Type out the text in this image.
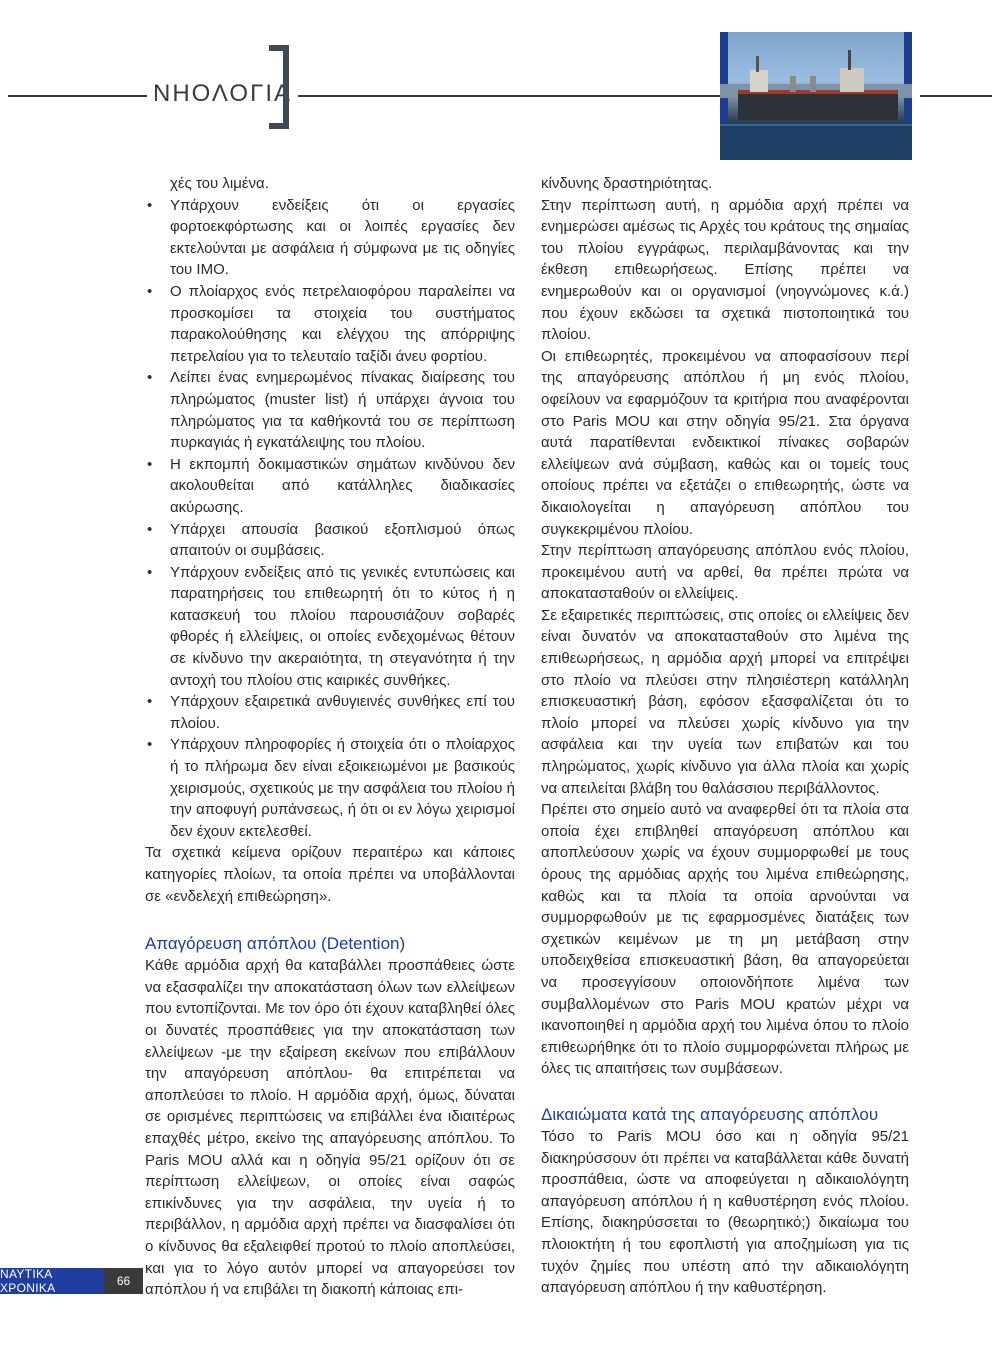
ΝΗΟΛΟΓΙΑ

χές του λιμένα.

• Υπάρχουν ενδείξεις ότι οι εργασίες φορτοεκφόρτωσης και οι λοιπές εργασίες δεν εκτελούνται με ασφάλεια ή σύμφωνα με τις οδηγίες του ΙΜΟ.
• Ο πλοίαρχος ενός πετρελαιοφόρου παραλείπει να προσκομίσει τα στοιχεία του συστήματος παρακολούθησης και ελέγχου της απόρριψης πετρελαίου για το τελευταίο ταξίδι άνευ φορτίου.
• Λείπει ένας ενημερωμένος πίνακας διαίρεσης του πληρώματος (muster list) ή υπάρχει άγνοια του πληρώματος για τα καθήκοντά του σε περίπτωση πυρκαγιάς ή εγκατάλειψης του πλοίου.
• Η εκπομπή δοκιμαστικών σημάτων κινδύνου δεν ακολουθείται από κατάλληλες διαδικασίες ακύρωσης.
• Υπάρχει απουσία βασικού εξοπλισμού όπως απαιτούν οι συμβάσεις.
• Υπάρχουν ενδείξεις από τις γενικές εντυπώσεις και παρατηρήσεις του επιθεωρητή ότι το κύτος ή η κατασκευή του πλοίου παρουσιάζουν σοβαρές φθορές ή ελλείψεις, οι οποίες ενδεχομένως θέτουν σε κίνδυνο την ακεραιότητα, τη στεγανότητα ή την αντοχή του πλοίου στις καιρικές συνθήκες.
• Υπάρχουν εξαιρετικά ανθυγιεινές συνθήκες επί του πλοίου.
• Υπάρχουν πληροφορίες ή στοιχεία ότι ο πλοίαρχος ή το πλήρωμα δεν είναι εξοικειωμένοι με βασικούς χειρισμούς, σχετικούς με την ασφάλεια του πλοίου ή την αποφυγή ρυπάνσεως, ή ότι οι εν λόγω χειρισμοί δεν έχουν εκτελεσθεί.

Τα σχετικά κείμενα ορίζουν περαιτέρω και κάποιες κατηγορίες πλοίων, τα οποία πρέπει να υποβάλλονται σε «ενδελεχή επιθεώρηση».

Απαγόρευση απόπλου (Detention)

Κάθε αρμόδια αρχή θα καταβάλλει προσπάθειες ώστε να εξασφαλίζει την αποκατάσταση όλων των ελλείψεων που εντοπίζονται. Με τον όρο ότι έχουν καταβληθεί όλες οι δυνατές προσπάθειες για την αποκατάσταση των ελλείψεων -με την εξαίρεση εκείνων που επιβάλλουν την απαγόρευση απόπλου- θα επιτρέπεται να αποπλεύσει το πλοίο. Η αρμόδια αρχή, όμως, δύναται σε ορισμένες περιπτώσεις να επιβάλλει ένα ιδιαιτέρως επαχθές μέτρο, εκείνο της απαγόρευσης απόπλου. Το Paris MOU αλλά και η οδηγία 95/21 ορίζουν ότι σε περίπτωση ελλείψεων, οι οποίες είναι σαφώς επικίνδυνες για την ασφάλεια, την υγεία ή το περιβάλλον, η αρμόδια αρχή πρέπει να διασφαλίσει ότι ο κίνδυνος θα εξαλειφθεί προτού το πλοίο αποπλεύσει, και για το λόγο αυτόν μπορεί να απαγορεύσει τον απόπλου ή να επιβάλει τη διακοπή κάποιας επι-

κίνδυνης δραστηριότητας.

Στην περίπτωση αυτή, η αρμόδια αρχή πρέπει να ενημερώσει αμέσως τις Αρχές του κράτους της σημαίας του πλοίου εγγράφως, περιλαμβάνοντας και την έκθεση επιθεωρήσεως. Επίσης πρέπει να ενημερωθούν και οι οργανισμοί (νηογνώμονες κ.ά.) που έχουν εκδώσει τα σχετικά πιστοποιητικά του πλοίου.

Οι επιθεωρητές, προκειμένου να αποφασίσουν περί της απαγόρευσης απόπλου ή μη ενός πλοίου, οφείλουν να εφαρμόζουν τα κριτήρια που αναφέρονται στο Paris MOU και στην οδηγία 95/21. Στα όργανα αυτά παρατίθενται ενδεικτικοί πίνακες σοβαρών ελλείψεων ανά σύμβαση, καθώς και οι τομείς τους οποίους πρέπει να εξετάζει ο επιθεωρητής, ώστε να δικαιολογείται η απαγόρευση απόπλου του συγκεκριμένου πλοίου.

Στην περίπτωση απαγόρευσης απόπλου ενός πλοίου, προκειμένου αυτή να αρθεί, θα πρέπει πρώτα να αποκατασταθούν οι ελλείψεις.

Σε εξαιρετικές περιπτώσεις, στις οποίες οι ελλείψεις δεν είναι δυνατόν να αποκατασταθούν στο λιμένα της επιθεωρήσεως, η αρμόδια αρχή μπορεί να επιτρέψει στο πλοίο να πλεύσει στην πλησιέστερη κατάλληλη επισκευαστική βάση, εφόσον εξασφαλίζεται ότι το πλοίο μπορεί να πλεύσει χωρίς κίνδυνο για την ασφάλεια και την υγεία των επιβατών και του πληρώματος, χωρίς κίνδυνο για άλλα πλοία και χωρίς να απειλείται βλάβη του θαλάσσιου περιβάλλοντος.

Πρέπει στο σημείο αυτό να αναφερθεί ότι τα πλοία στα οποία έχει επιβληθεί απαγόρευση απόπλου και αποπλεύσουν χωρίς να έχουν συμμορφωθεί με τους όρους της αρμόδιας αρχής του λιμένα επιθεώρησης, καθώς και τα πλοία τα οποία αρνούνται να συμμορφωθούν με τις εφαρμοσμένες διατάξεις των σχετικών κειμένων με τη μη μετάβαση στην υποδειχθείσα επισκευαστική βάση, θα απαγορεύεται να προσεγγίσουν οποιονδήποτε λιμένα των συμβαλλομένων στο Paris MOU κρατών μέχρι να ικανοποιηθεί η αρμόδια αρχή του λιμένα όπου το πλοίο επιθεωρήθηκε ότι το πλοίο συμμορφώνεται πλήρως με όλες τις απαιτήσεις των συμβάσεων.

Δικαιώματα κατά της απαγόρευσης απόπλου

Τόσο το Paris MOU όσο και η οδηγία 95/21 διακηρύσσουν ότι πρέπει να καταβάλλεται κάθε δυνατή προσπάθεια, ώστε να αποφεύγεται η αδικαιολόγητη απαγόρευση απόπλου ή η καθυστέρηση ενός πλοίου. Επίσης, διακηρύσσεται το (θεωρητικό;) δικαίωμα του πλοιοκτήτη ή του εφοπλιστή για αποζημίωση για τις τυχόν ζημίες που υπέστη από την αδικαιολόγητη απαγόρευση απόπλου ή την καθυστέρηση.

ΝΑΥΤΙΚΑ ΧΡΟΝΙΚΑ	66
